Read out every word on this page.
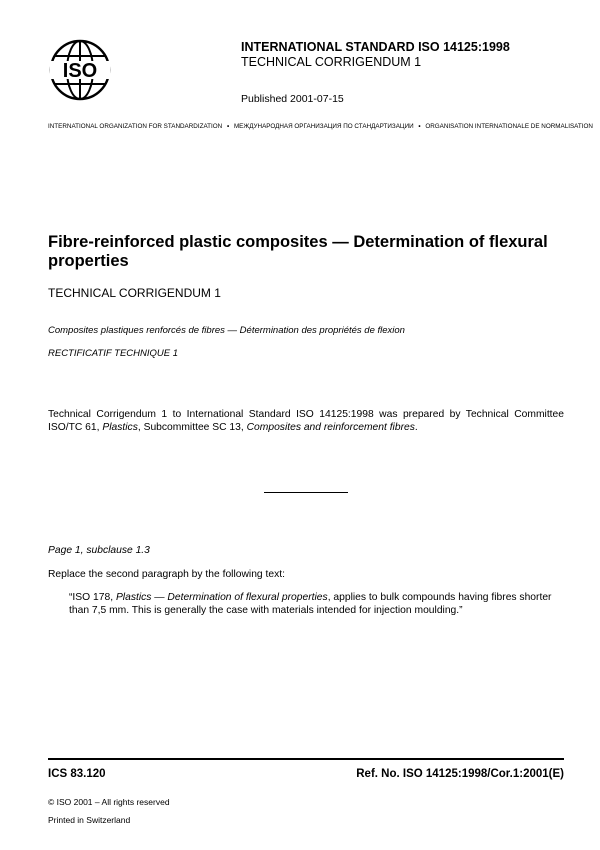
ISO
INTERNATIONAL STANDARD ISO 14125:1998
TECHNICAL CORRIGENDUM 1
Published 2001-07-15
INTERNATIONAL ORGANIZATION FOR STANDARDIZATION • МЕЖДУНАРОДНАЯ ОРГАНИЗАЦИЯ ПО СТАНДАРТИЗАЦИИ • ORGANISATION INTERNATIONALE DE NORMALISATION
Fibre-reinforced plastic composites — Determination of flexural properties
TECHNICAL CORRIGENDUM 1
Composites plastiques renforcés de fibres — Détermination des propriétés de flexion
RECTIFICATIF TECHNIQUE 1
Technical Corrigendum 1 to International Standard ISO 14125:1998 was prepared by Technical Committee ISO/TC 61, Plastics, Subcommittee SC 13, Composites and reinforcement fibres.
Page 1, subclause 1.3
Replace the second paragraph by the following text:
“ISO 178, Plastics — Determination of flexural properties, applies to bulk compounds having fibres shorter than 7,5 mm. This is generally the case with materials intended for injection moulding.”
ICS 83.120	Ref. No. ISO 14125:1998/Cor.1:2001(E)
© ISO 2001 – All rights reserved
Printed in Switzerland
